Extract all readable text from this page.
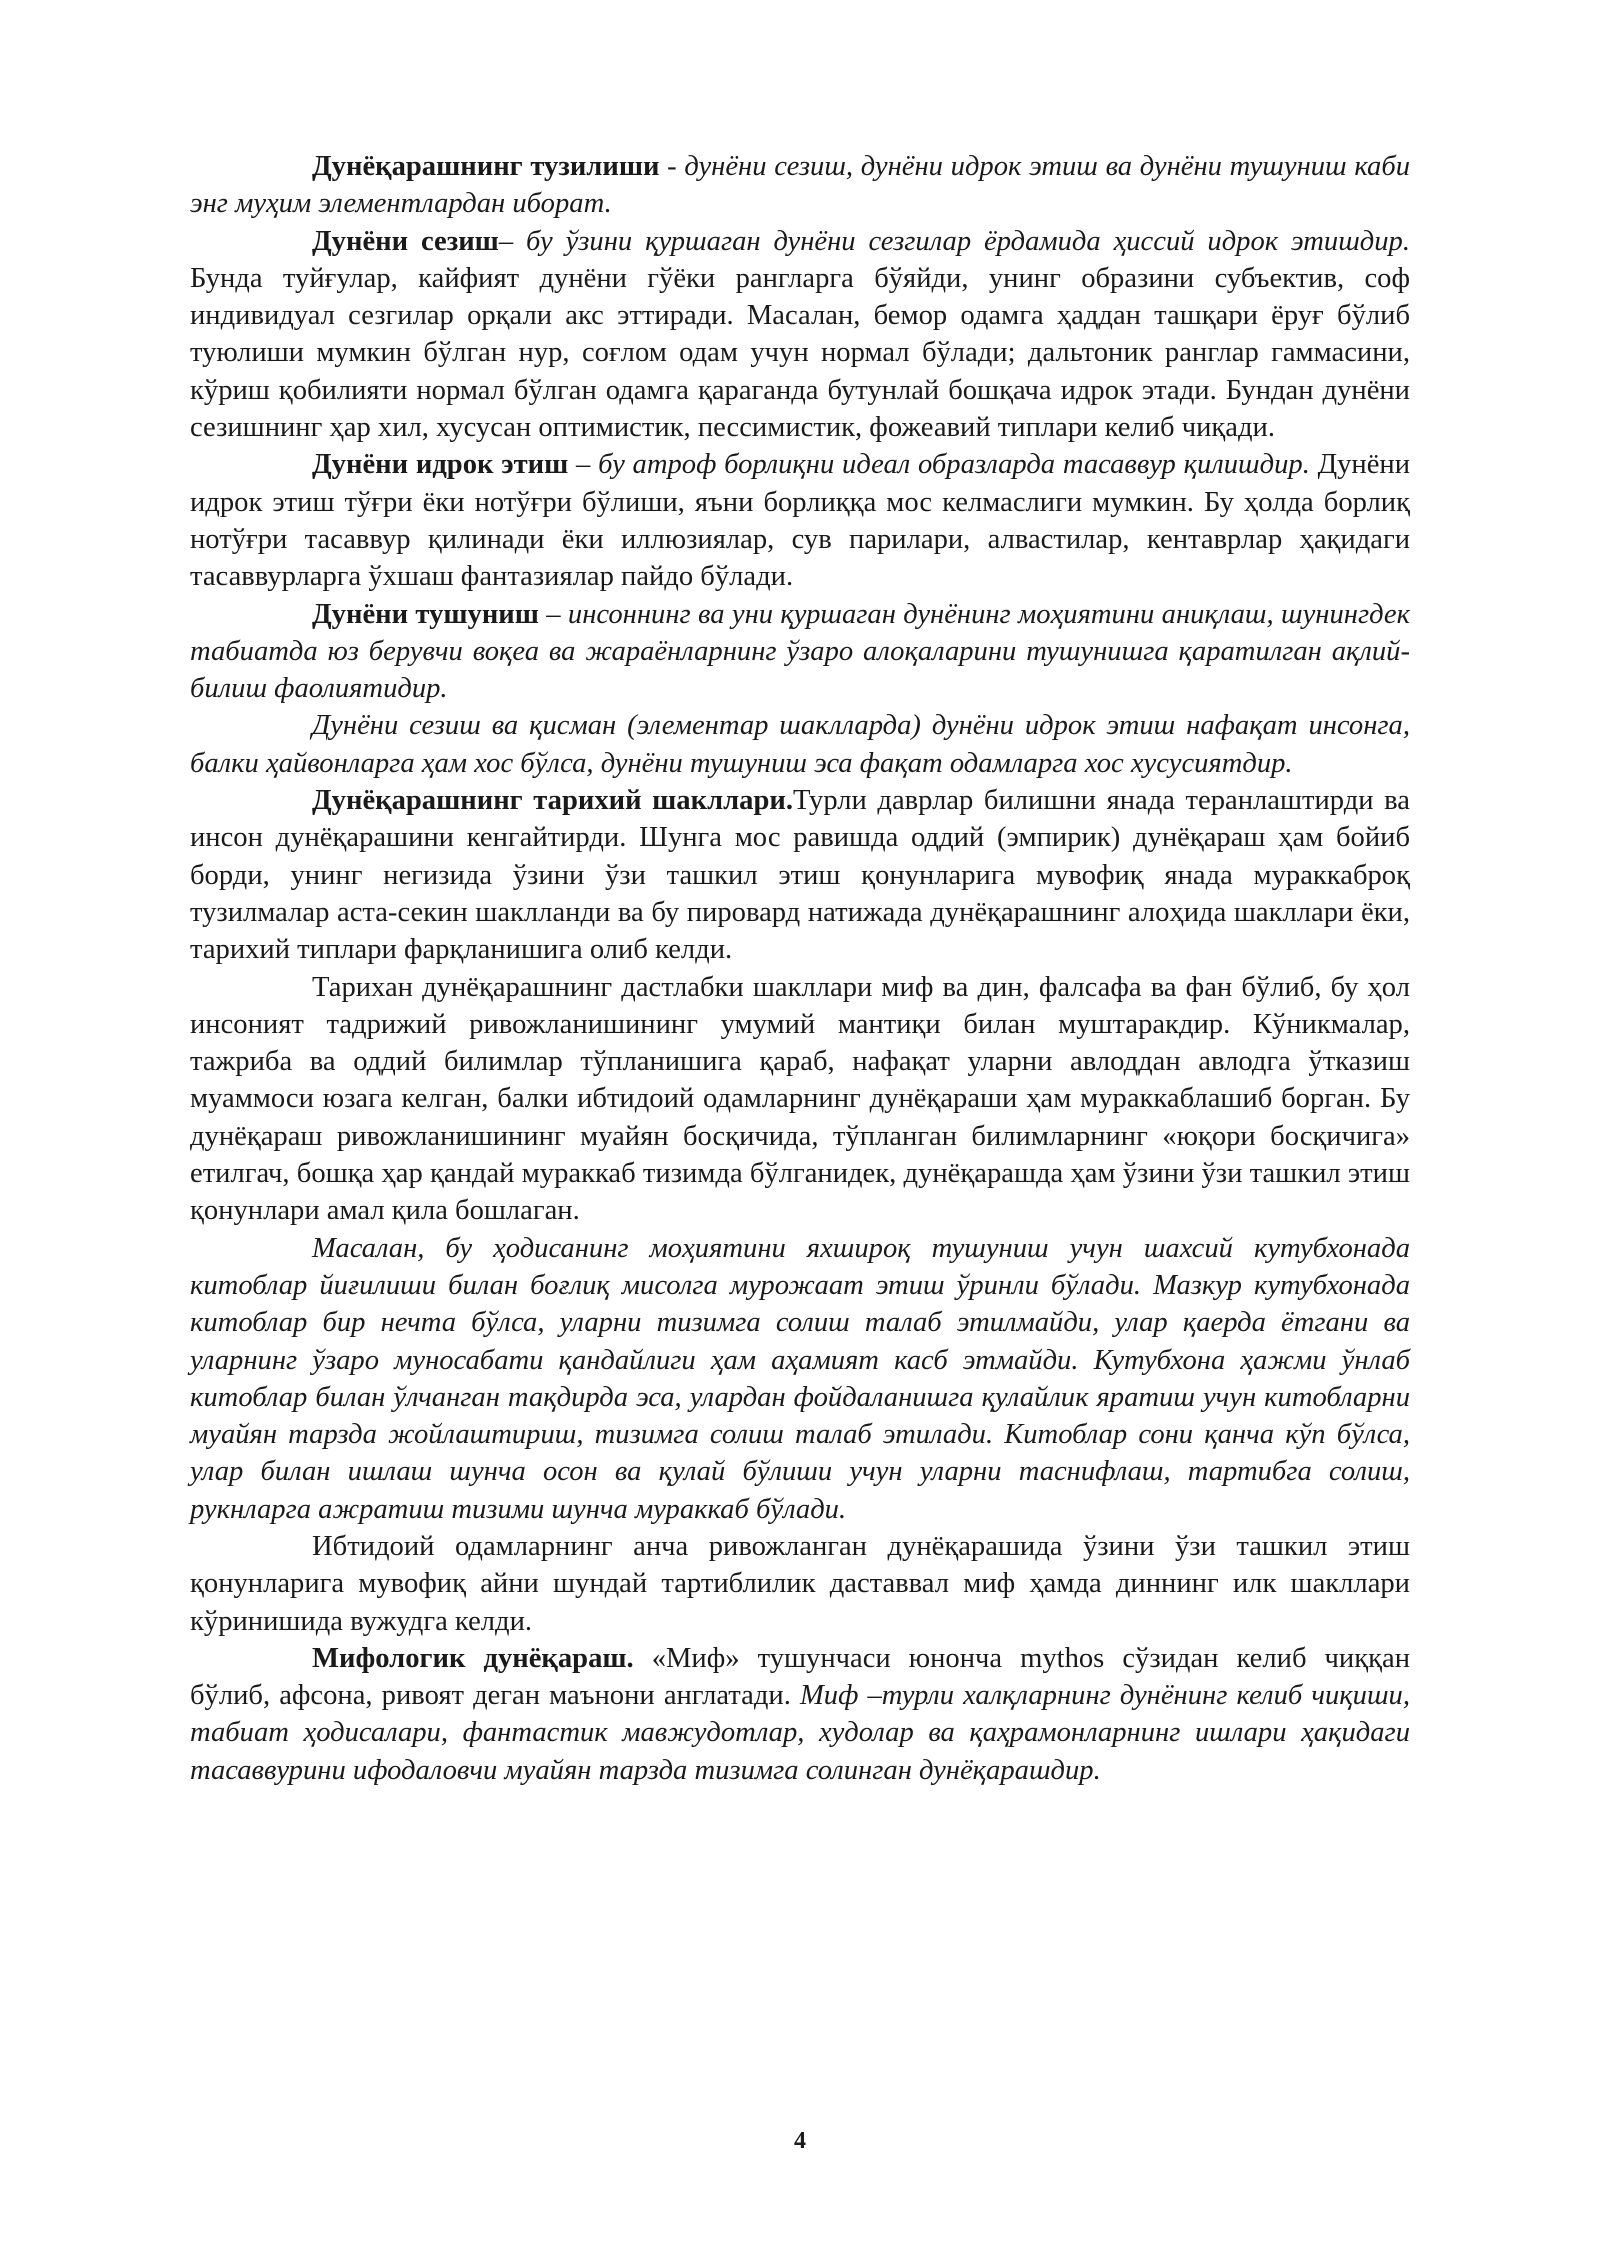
Дунёқарашнинг тузилиши - дунёни сезиш, дунёни идрок этиш ва дунёни тушуниш каби энг муҳим элементлардан иборат.

Дунёни сезиш– бу ўзини қуршаган дунёни сезгилар ёрдамида ҳиссий идрок этишдир. Бунда туйғулар, кайфият дунёни гўёки рангларга бўяйди, унинг образини субъектив, соф индивидуал сезгилар орқали акс эттиради. Масалан, бемор одамга ҳаддан ташқари ёруғ бўлиб туюлиши мумкин бўлган нур, соғлом одам учун нормал бўлади; дальтоник ранглар гаммасини, кўриш қобилияти нормал бўлган одамга қараганда бутунлай бошқача идрок этади. Бундан дунёни сезишнинг ҳар хил, хусусан оптимистик, пессимистик, фожеавий типлари келиб чиқади.

Дунёни идрок этиш – бу атроф борлиқни идеал образларда тасаввур қилишдир. Дунёни идрок этиш тўғри ёки нотўғри бўлиши, яъни борлиққа мос келмаслиги мумкин. Бу ҳолда борлиқ нотўғри тасаввур қилинади ёки иллюзиялар, сув парилари, алвастилар, кентаврлар ҳақидаги тасаввурларга ўхшаш фантазиялар пайдо бўлади.

Дунёни тушуниш – инсоннинг ва уни қуршаган дунёнинг моҳиятини аниқлаш, шунингдек табиатда юз берувчи воқеа ва жараёнларнинг ўзаро алоқаларини тушунишга қаратилган ақлий-билиш фаолиятидир.

Дунёни сезиш ва қисман (элементар шаклларда) дунёни идрок этиш нафақат инсонга, балки ҳайвонларга ҳам хос бўлса, дунёни тушуниш эса фақат одамларга хос хусусиятдир.

Дунёқарашнинг тарихий шакллари.Турли даврлар билишни янада теранлаштирди ва инсон дунёқарашини кенгайтирди. Шунга мос равишда оддий (эмпирик) дунёқараш ҳам бойиб борди, унинг негизида ўзини ўзи ташкил этиш қонунларига мувофиқ янада мураккаброқ тузилмалар аста-секин шаклланди ва бу пировард натижада дунёқарашнинг алоҳида шакллари ёки, тарихий типлари фарқланишига олиб келди.

Тарихан дунёқарашнинг дастлабки шакллари миф ва дин, фалсафа ва фан бўлиб, бу ҳол инсоният тадрижий ривожланишининг умумий мантиқи билан муштаракдир. Кўникмалар, тажриба ва оддий билимлар тўпланишига қараб, нафақат уларни авлоддан авлодга ўтказиш муаммоси юзага келган, балки ибтидоий одамларнинг дунёқараши ҳам мураккаблашиб борган. Бу дунёқараш ривожланишининг муайян босқичида, тўпланган билимларнинг «юқори босқичига» етилгач, бошқа ҳар қандай мураккаб тизимда бўлганидек, дунёқарашда ҳам ўзини ўзи ташкил этиш қонунлари амал қила бошлаган.

Масалан, бу ҳодисанинг моҳиятини яхшироқ тушуниш учун шахсий кутубхонада китоблар йиғилиши билан боғлиқ мисолга мурожаат этиш ўринли бўлади. Мазкур кутубхонада китоблар бир нечта бўлса, уларни тизимга солиш талаб этилмайди, улар қаерда ётгани ва уларнинг ўзаро муносабати қандайлиги ҳам аҳамият касб этмайди. Кутубхона ҳажми ўнлаб китоблар билан ўлчанган тақдирда эса, улардан фойдаланишга қулайлик яратиш учун китобларни муайян тарзда жойлаштириш, тизимга солиш талаб этилади. Китоблар сони қанча кўп бўлса, улар билан ишлаш шунча осон ва қулай бўлиши учун уларни таснифлаш, тартибга солиш, рукнларга ажратиш тизими шунча мураккаб бўлади.

Ибтидоий одамларнинг анча ривожланган дунёқарашида ўзини ўзи ташкил этиш қонунларига мувофиқ айни шундай тартиблилик даставвал миф ҳамда диннинг илк шакллари кўринишида вужудга келди.

Мифологик дунёқараш. «Миф» тушунчаси юнонча mythos сўзидан келиб чиққан бўлиб, афсона, ривоят деган маънони англатади. Миф –турли халқларнинг дунёнинг келиб чиқиши, табиат ҳодисалари, фантастик мавжудотлар, худолар ва қаҳрамонларнинг ишлари ҳақидаги тасаввурини ифодаловчи муайян тарзда тизимга солинган дунёқарашдир.

4
